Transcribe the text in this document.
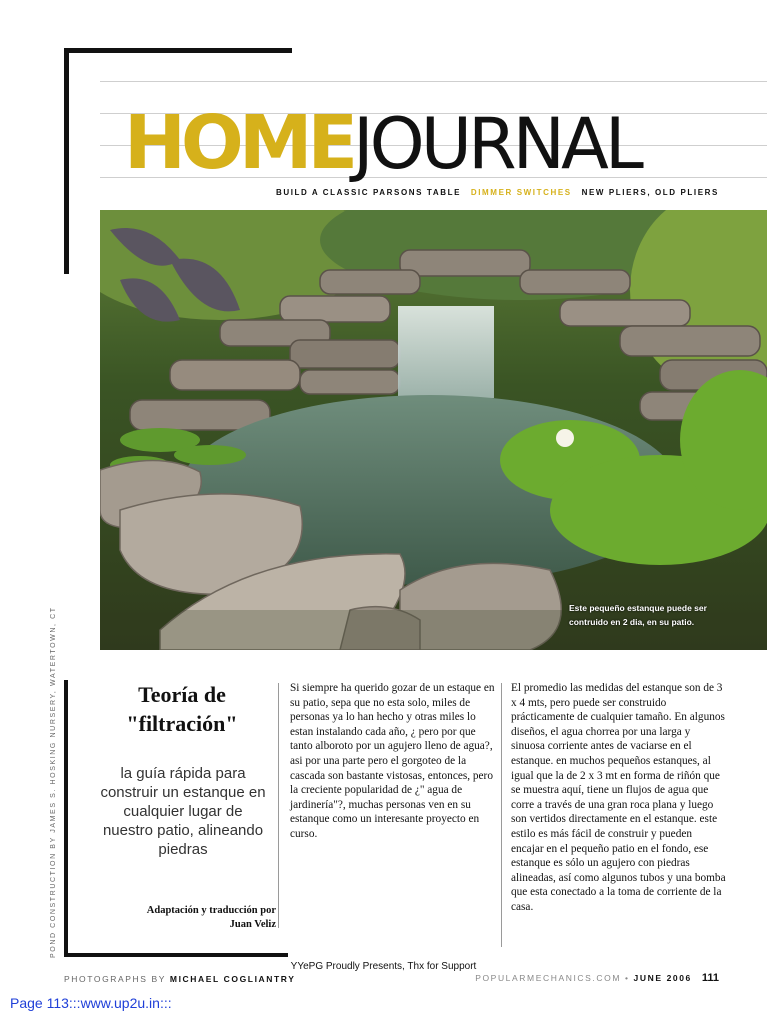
HOMEJOURNAL
BUILD A CLASSIC PARSONS TABLE DIMMER SWITCHES NEW PLIERS, OLD PLIERS
Este pequeño estanque puede ser contruido en 2 dia, en su patio.
POND CONSTRUCTION BY JAMES S. HOSKING NURSERY, WATERTOWN, CT	Teoría de "filtración"
la guía rápida para construir un estanque en cualquier lugar de nuestro patio, alineando piedras
Adaptación y traducción por
Juan Veliz
Si siempre ha querido gozar de un estaque en su patio, sepa que no esta solo, miles de personas ya lo han hecho y otras miles lo estan instalando cada año, ¿ pero por que tanto alboroto por un agujero lleno de agua?, asi por una parte pero el gorgoteo de la cascada son bastante vistosas, entonces, pero la creciente popularidad de ¿" agua de jardinería"?, muchas personas ven en su estanque como un interesante proyecto en curso.
El promedio las medidas del estanque son de 3 x 4 mts, pero puede ser construido prácticamente de cualquier tamaño. En algunos diseños, el agua chorrea por una larga y sinuosa corriente antes de vaciarse en el estanque. en muchos pequeños estanques, al igual que la de 2 x 3 mt en forma de riñón que se muestra aquí, tiene un flujos de agua que corre a través de una gran roca plana y luego son vertidos directamente en el estanque. este estilo es más fácil de construir y pueden encajar en el pequeño patio en el fondo, ese estanque es sólo un agujero con piedras alineadas, así como algunos tubos y una bomba que esta conectado a la toma de corriente de la casa.
YYePG Proudly Presents, Thx for Support
PHOTOGRAPHS BY MICHAEL COGLIANTRY	POPULARMECHANICS.COM • JUNE 2006 111
Page 113:::www.up2u.in:::
